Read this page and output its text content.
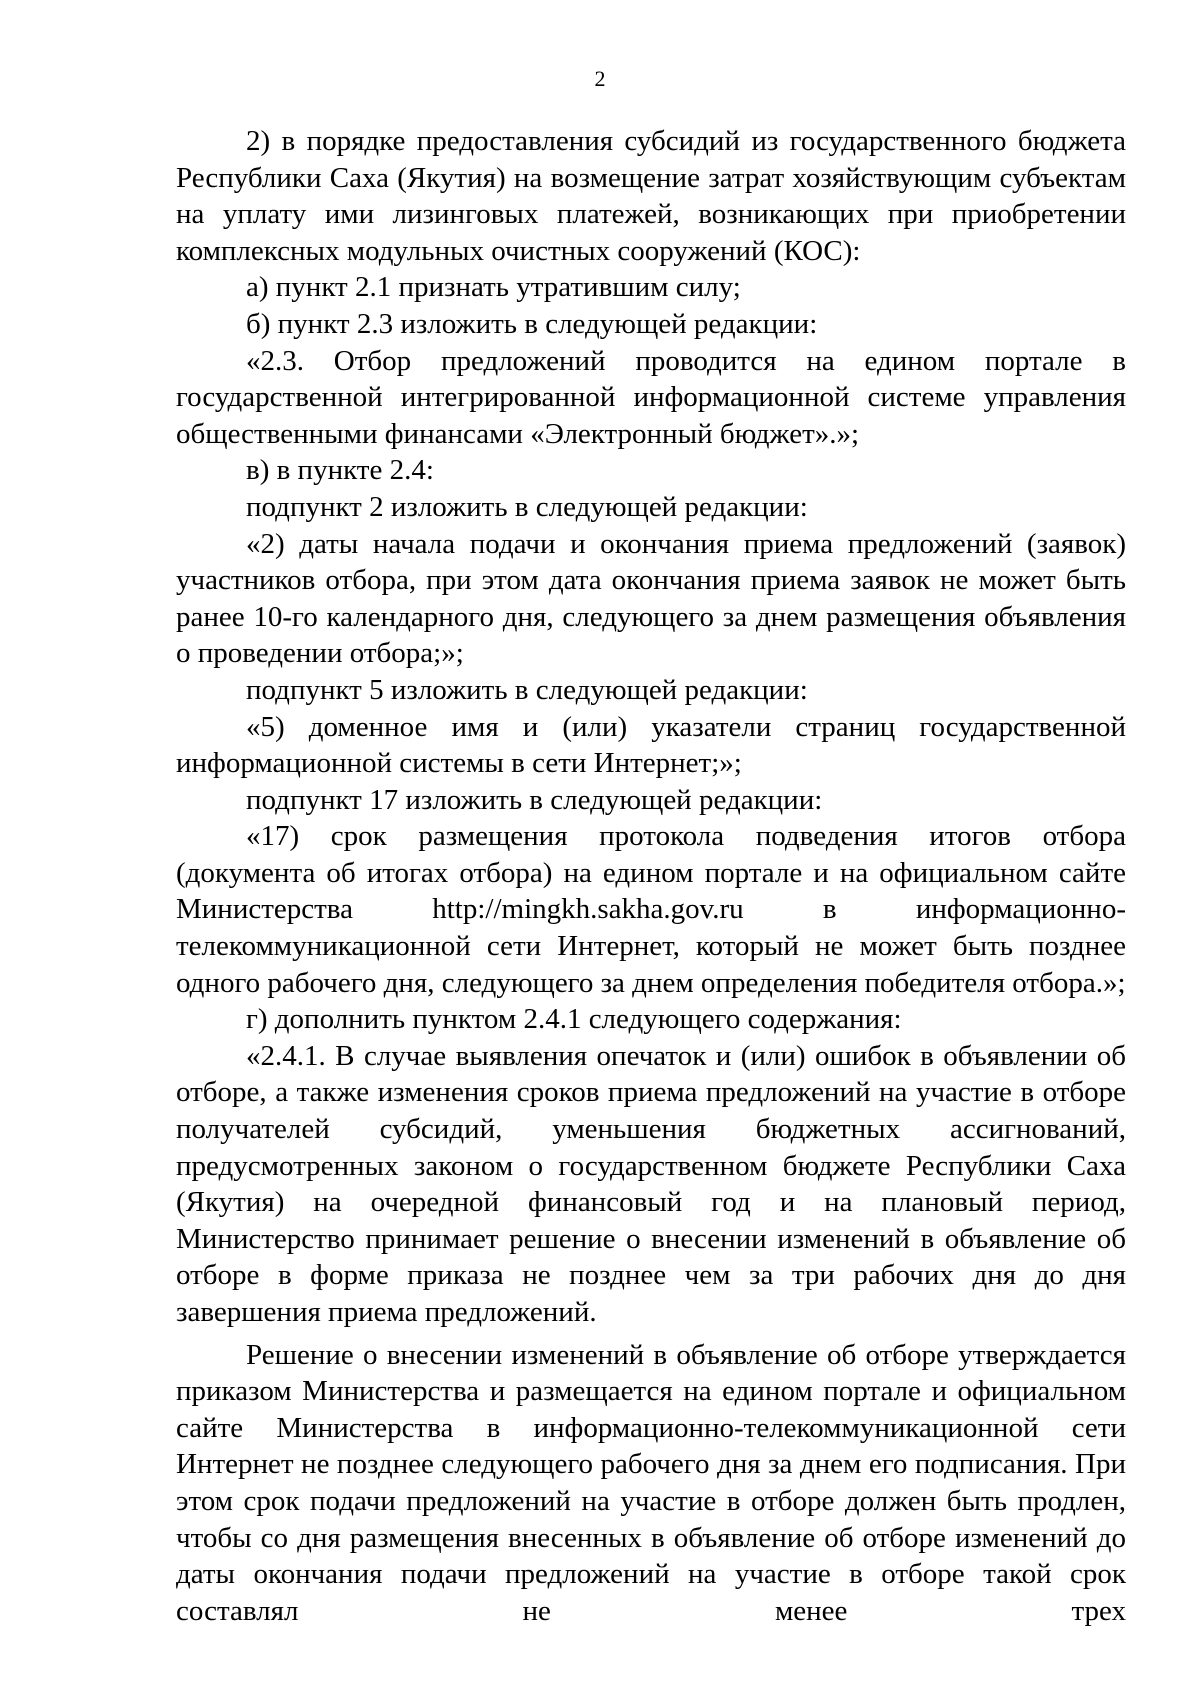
2

2) в порядке предоставления субсидий из государственного бюджета Республики Саха (Якутия) на возмещение затрат хозяйствующим субъектам на уплату ими лизинговых платежей, возникающих при приобретении комплексных модульных очистных сооружений (КОС):

а) пункт 2.1 признать утратившим силу;

б) пункт 2.3 изложить в следующей редакции:

«2.3. Отбор предложений проводится на едином портале в государственной интегрированной информационной системе управления общественными финансами «Электронный бюджет».»;

в) в пункте 2.4:

подпункт 2 изложить в следующей редакции:

«2) даты начала подачи и окончания приема предложений (заявок) участников отбора, при этом дата окончания приема заявок не может быть ранее 10-го календарного дня, следующего за днем размещения объявления о проведении отбора;»;

подпункт 5 изложить в следующей редакции:

«5) доменное имя и (или) указатели страниц государственной информационной системы в сети Интернет;»;

подпункт 17 изложить в следующей редакции:

«17) срок размещения протокола подведения итогов отбора (документа об итогах отбора) на едином портале и на официальном сайте Министерства http://mingkh.sakha.gov.ru в информационно-телекоммуникационной сети Интернет, который не может быть позднее одного рабочего дня, следующего за днем определения победителя отбора.»;

г) дополнить пунктом 2.4.1 следующего содержания:

«2.4.1. В случае выявления опечаток и (или) ошибок в объявлении об отборе, а также изменения сроков приема предложений на участие в отборе получателей субсидий, уменьшения бюджетных ассигнований, предусмотренных законом о государственном бюджете Республики Саха (Якутия) на очередной финансовый год и на плановый период, Министерство принимает решение о внесении изменений в объявление об отборе в форме приказа не позднее чем за три рабочих дня до дня завершения приема предложений.

Решение о внесении изменений в объявление об отборе утверждается приказом Министерства и размещается на едином портале и официальном сайте Министерства в информационно-телекоммуникационной сети Интернет не позднее следующего рабочего дня за днем его подписания. При этом срок подачи предложений на участие в отборе должен быть продлен, чтобы со дня размещения внесенных в объявление об отборе изменений до даты окончания подачи предложений на участие в отборе такой срок составлял не менее трех
